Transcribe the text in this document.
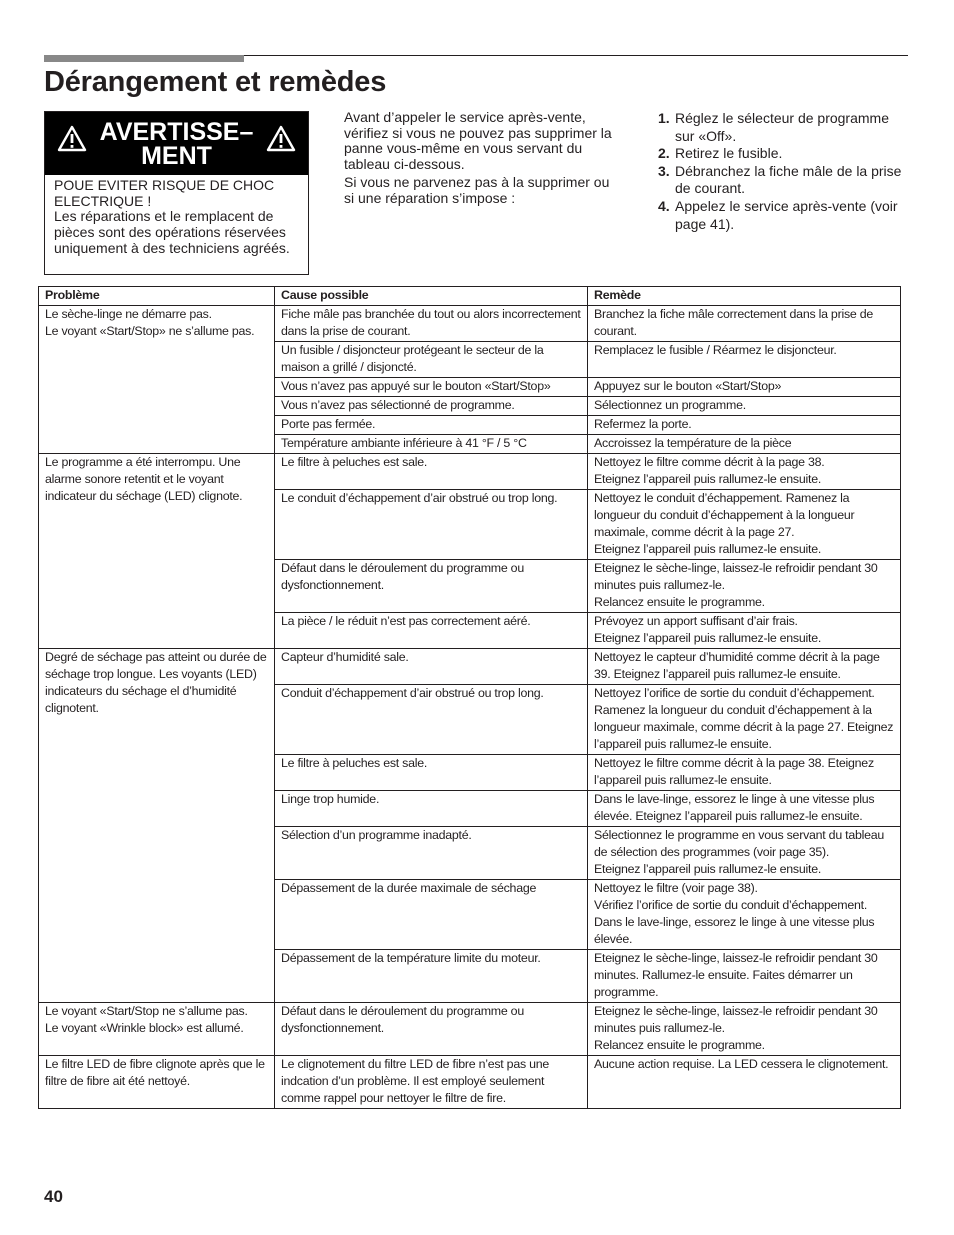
Dérangement et remèdes
AVERTISSE–
MENT

POUE EVITER RISQUE DE CHOC ELECTRIQUE !

Les réparations et le remplacent de pièces sont des opérations réservées uniquement à des techniciens agréés.

Avant d’appeler le service après-vente, vérifiez si vous ne pouvez pas supprimer la panne vous-même en vous servant du tableau ci-dessous.

Si vous ne parvenez pas à la supprimer ou si une réparation s’impose :

1. Réglez le sélecteur de programme sur «Off».
2. Retirez le fusible.
3. Débranchez la fiche mâle de la prise de courant.
4. Appelez le service après-vente (voir page 41).
Problème	Cause possible	Remède

Le sèche-linge ne démarre pas.
Le voyant «Start/Stop» ne s’allume pas.	Fiche mâle pas branchée du tout ou alors incorrectement dans la prise de courant.	Branchez la fiche mâle correctement dans la prise de courant.

	Un fusible / disjoncteur protégeant le secteur de la maison a grillé / disjoncté.	Remplacez le fusible / Réarmez le disjoncteur.

	Vous n’avez pas appuyé sur le bouton «Start/Stop»	Appuyez sur le bouton «Start/Stop»

	Vous n’avez pas sélectionné de programme.	Sélectionnez un programme.

	Porte pas fermée.	Refermez la porte.

	Température ambiante inférieure à 41 °F / 5 °C	Accroissez la température de la pièce

Le programme a été interrompu. Une alarme sonore retentit et le voyant indicateur du séchage (LED) clignote.	Le filtre à peluches est sale.	Nettoyez le filtre comme décrit à la page 38.
Eteignez l’appareil puis rallumez-le ensuite.

	Le conduit d’échappement d’air obstrué ou trop long.	Nettoyez le conduit d’échappement. Ramenez la longueur du conduit d’échappement à la longueur maximale, comme décrit à la page 27.
Eteignez l’appareil puis rallumez-le ensuite.

	Défaut dans le déroulement du programme ou dysfonctionnement.	Eteignez le sèche-linge, laissez-le refroidir pendant 30 minutes puis rallumez-le.
Relancez ensuite le programme.

	La pièce / le réduit n’est pas correctement aéré.	Prévoyez un apport suffisant d’air frais.
Eteignez l’appareil puis rallumez-le ensuite.

Degré de séchage pas atteint ou durée de séchage trop longue. Les voyants (LED) indicateurs du séchage el d’humidité clignotent.	Capteur d’humidité sale.	Nettoyez le capteur d’humidité comme décrit à la page 39. Eteignez l’appareil puis rallumez-le ensuite.

	Conduit d’échappement d’air obstrué ou trop long.	Nettoyez l’orifice de sortie du conduit d’échappement. Ramenez la longueur du conduit d’échappement à la longueur maximale, comme décrit à la page 27. Eteignez l’appareil puis rallumez-le ensuite.

	Le filtre à peluches est sale.	Nettoyez le filtre comme décrit à la page 38. Eteignez l’appareil puis rallumez-le ensuite.

	Linge trop humide.	Dans le lave-linge, essorez le linge à une vitesse plus élevée. Eteignez l’appareil puis rallumez-le ensuite.

	Sélection d’un programme inadapté.	Sélectionnez le programme en vous servant du tableau de sélection des programmes (voir page 35).
Eteignez l’appareil puis rallumez-le ensuite.

	Dépassement de la durée maximale de séchage	Nettoyez le filtre (voir page 38).
Vérifiez l’orifice de sortie du conduit d’échappement.
Dans le lave-linge, essorez le linge à une vitesse plus élevée.

	Dépassement de la température limite du moteur.	Eteignez le sèche-linge, laissez-le refroidir pendant 30 minutes. Rallumez-le ensuite. Faites démarrer un programme.

Le voyant «Start/Stop ne s’allume pas.
Le voyant «Wrinkle block» est allumé.	Défaut dans le déroulement du programme ou dysfonctionnement.	Eteignez le sèche-linge, laissez-le refroidir pendant 30 minutes puis rallumez-le.
Relancez ensuite le programme.

Le filtre LED de fibre clignote après que le filtre de fibre ait été nettoyé.	Le clignotement du filtre LED de fibre n’est pas une indcation d’un problème. Il est employé seulement comme rappel pour nettoyer le filtre de fire.	Aucune action requise. La LED cessera le clignotement.
40
